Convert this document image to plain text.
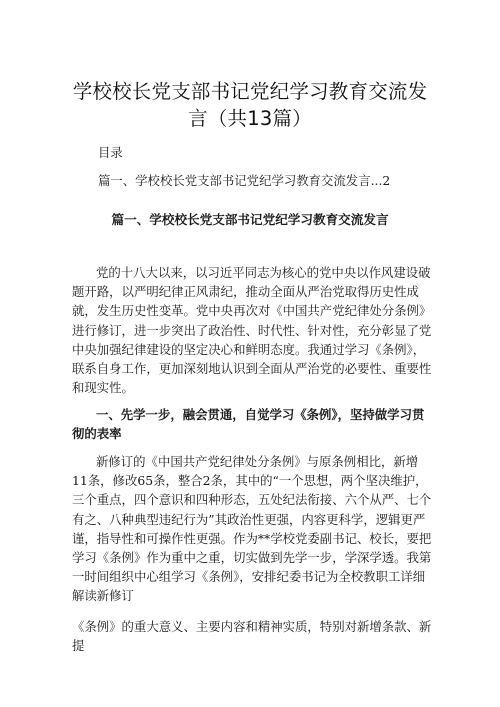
学校校长党支部书记党纪学习教育交流发
言（共13篇）
目录
篇一、学校校长党支部书记党纪学习教育交流发言...2
篇一、学校校长党支部书记党纪学习教育交流发言
党的十八大以来，以习近平同志为核心的党中央以作风建设破题开路，以严明纪律正风肃纪，推动全面从严治党取得历史性成就，发生历史性变革。党中央再次对《中国共产党纪律处分条例》进行修订，进一步突出了政治性、时代性、针对性，充分彰显了党中央加强纪律建设的坚定决心和鲜明态度。我通过学习《条例》，联系自身工作，更加深刻地认识到全面从严治党的必要性、重要性和现实性。
一、先学一步，融会贯通，自觉学习《条例》，坚持做学习贯彻的表率
新修订的《中国共产党纪律处分条例》与原条例相比，新增11条，修改65条，整合2条，其中的“一个思想，两个坚决维护，三个重点，四个意识和四种形态，五处纪法衔接、六个从严、七个有之、八种典型违纪行为”其政治性更强，内容更科学，逻辑更严谨，指导性和可操作性更强。作为**学校党委副书记、校长，要把学习《条例》作为重中之重，切实做到先学一步，学深学透。我第一时间组织中心组学习《条例》，安排纪委书记为全校教职工详细解读新修订
《条例》的重大意义、主要内容和精神实质，特别对新增条款、新提
